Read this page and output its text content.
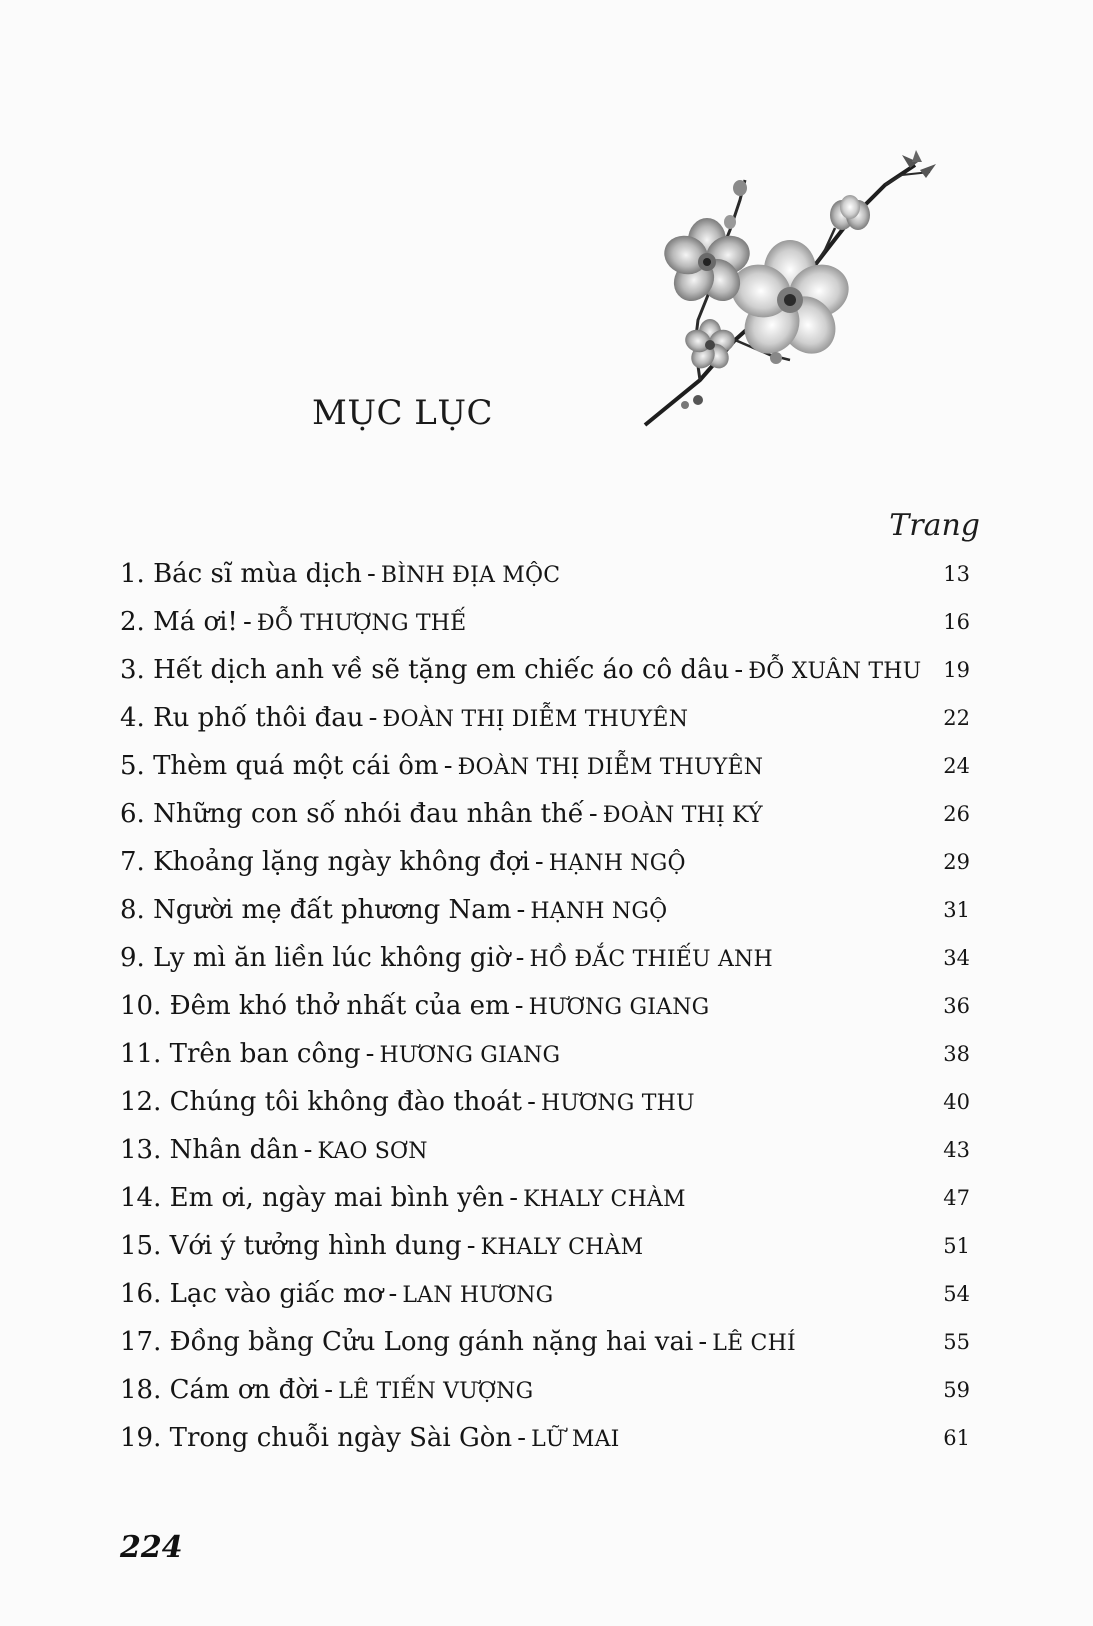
MỤC LỤC
Trang
1. Bác sĩ mùa dịch - BÌNH ĐỊA MỘC	13
2. Má ơi! - ĐỖ THƯỢNG THẾ	16
3. Hết dịch anh về sẽ tặng em chiếc áo cô dâu - ĐỖ XUÂN THU	19
4. Ru phố thôi đau - ĐOÀN THỊ DIỄM THUYÊN	22
5. Thèm quá một cái ôm - ĐOÀN THỊ DIỄM THUYÊN	24
6. Những con số nhói đau nhân thế - ĐOÀN THỊ KÝ	26
7. Khoảng lặng ngày không đợi - HẠNH NGỘ	29
8. Người mẹ đất phương Nam - HẠNH NGỘ	31
9. Ly mì ăn liền lúc không giờ - HỒ ĐẮC THIẾU ANH	34
10. Đêm khó thở nhất của em - HƯƠNG GIANG	36
11. Trên ban công - HƯƠNG GIANG	38
12. Chúng tôi không đào thoát - HƯƠNG THU	40
13. Nhân dân - KAO SƠN	43
14. Em ơi, ngày mai bình yên - KHALY CHÀM	47
15. Với ý tưởng hình dung - KHALY CHÀM	51
16. Lạc vào giấc mơ - LAN HƯƠNG	54
17. Đồng bằng Cửu Long gánh nặng hai vai - LÊ CHÍ	55
18. Cám ơn đời - LÊ TIẾN VƯỢNG	59
19. Trong chuỗi ngày Sài Gòn - LỮ MAI	61
224
